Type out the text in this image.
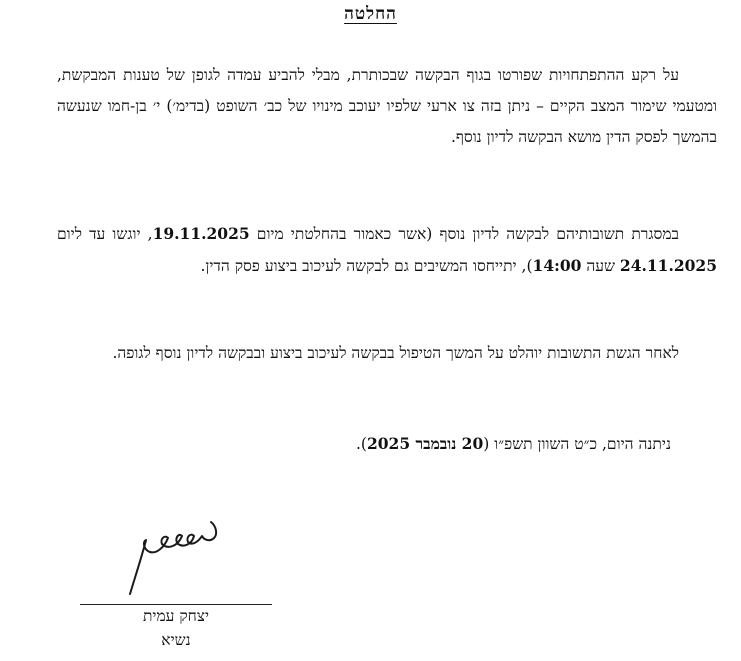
החלטה

על רקע ההתפתחויות שפורטו בגוף הבקשה שבכותרת, מבלי להביע עמדה לגופן של טענות המבקשת, ומטעמי שימור המצב הקיים – ניתן בזה צו ארעי שלפיו יעוכב מינויו של כב׳ השופט (בדימ׳) י׳ בן-חמו שנעשה בהמשך לפסק הדין מושא הבקשה לדיון נוסף.

במסגרת תשובותיהם לבקשה לדיון נוסף (אשר כאמור בהחלטתי מיום 19.11.2025, יוגשו עד ליום 24.11.2025 שעה 14:00), יתייחסו המשיבים גם לבקשה לעיכוב ביצוע פסק הדין.

לאחר הגשת התשובות יוהלט על המשך הטיפול בבקשה לעיכוב ביצוע ובבקשה לדיון נוסף לגופה.

ניתנה היום, כ״ט השוון תשפ״ו (20 נובמבר 2025).
יצחק עמית
נשיא
